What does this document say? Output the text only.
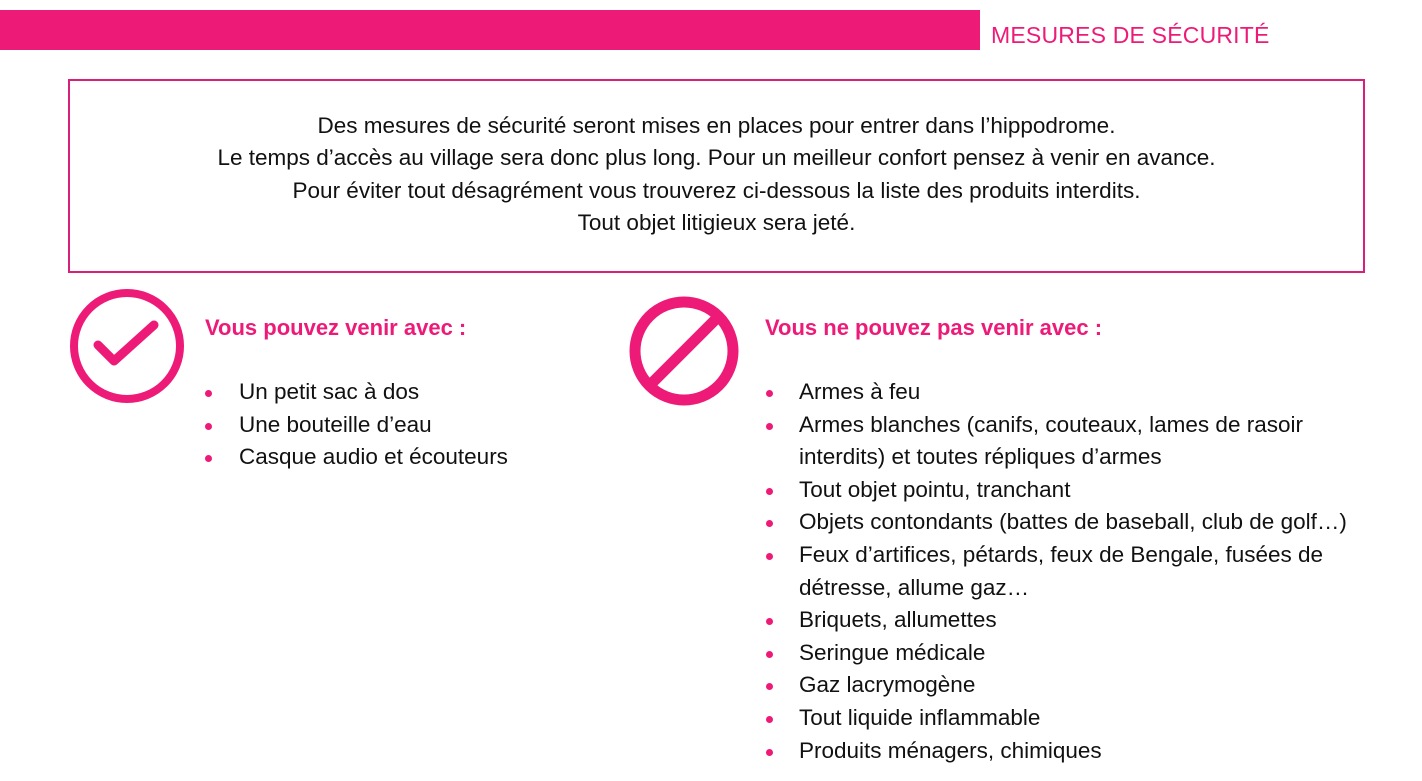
MESURES DE SÉCURITÉ
Des mesures de sécurité seront mises en places pour entrer dans l’hippodrome.
Le temps d’accès au village sera donc plus long. Pour un meilleur confort pensez à venir en avance.
Pour éviter tout désagrément vous trouverez ci-dessous la liste des produits interdits.
Tout objet litigieux sera jeté.
Vous pouvez venir avec :
Un petit sac à dos
Une bouteille d’eau
Casque audio et écouteurs
Vous ne pouvez pas venir avec :
Armes à feu
Armes blanches (canifs, couteaux, lames de rasoir
interdits) et toutes répliques d’armes
Tout objet pointu, tranchant
Objets contondants (battes de baseball, club de golf…)
Feux d’artifices, pétards, feux de Bengale, fusées de
détresse, allume gaz…
Briquets, allumettes
Seringue médicale
Gaz lacrymogène
Tout liquide inflammable
Produits ménagers, chimiques
